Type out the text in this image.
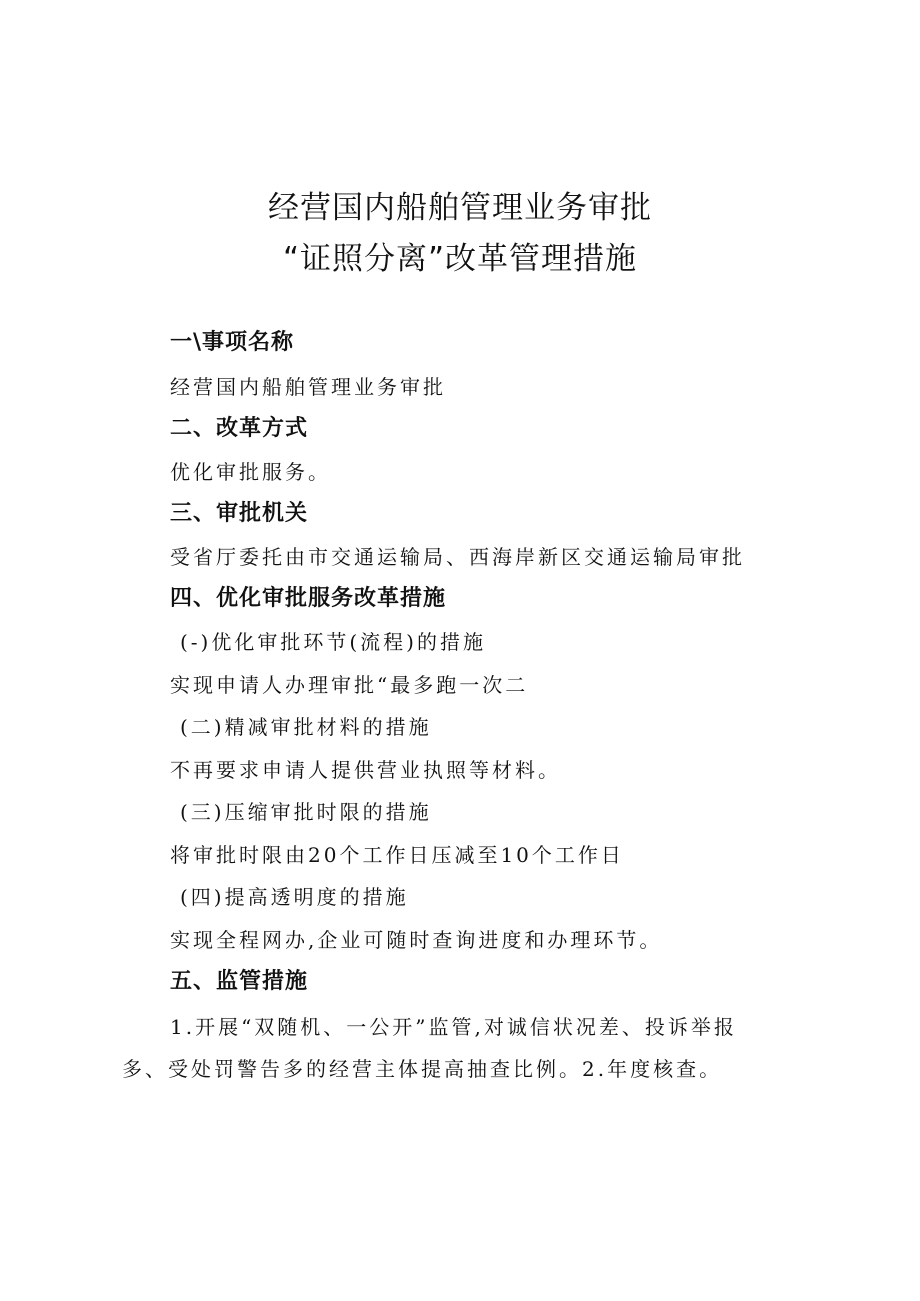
经营国内船舶管理业务审批
“证照分离”改革管理措施
一\事项名称
经营国内船舶管理业务审批
二、改革方式
优化审批服务。
三、审批机关
受省厅委托由市交通运输局、西海岸新区交通运输局审批
四、优化审批服务改革措施
(-)优化审批环节(流程)的措施
实现申请人办理审批“最多跑一次二
(二)精减审批材料的措施
不再要求申请人提供营业执照等材料。
(三)压缩审批时限的措施
将审批时限由20个工作日压减至10个工作日
(四)提高透明度的措施
实现全程网办,企业可随时查询进度和办理环节。
五、监管措施
1.开展“双随机、一公开”监管,对诚信状况差、投诉举报
多、受处罚警告多的经营主体提高抽查比例。2.年度核查。
